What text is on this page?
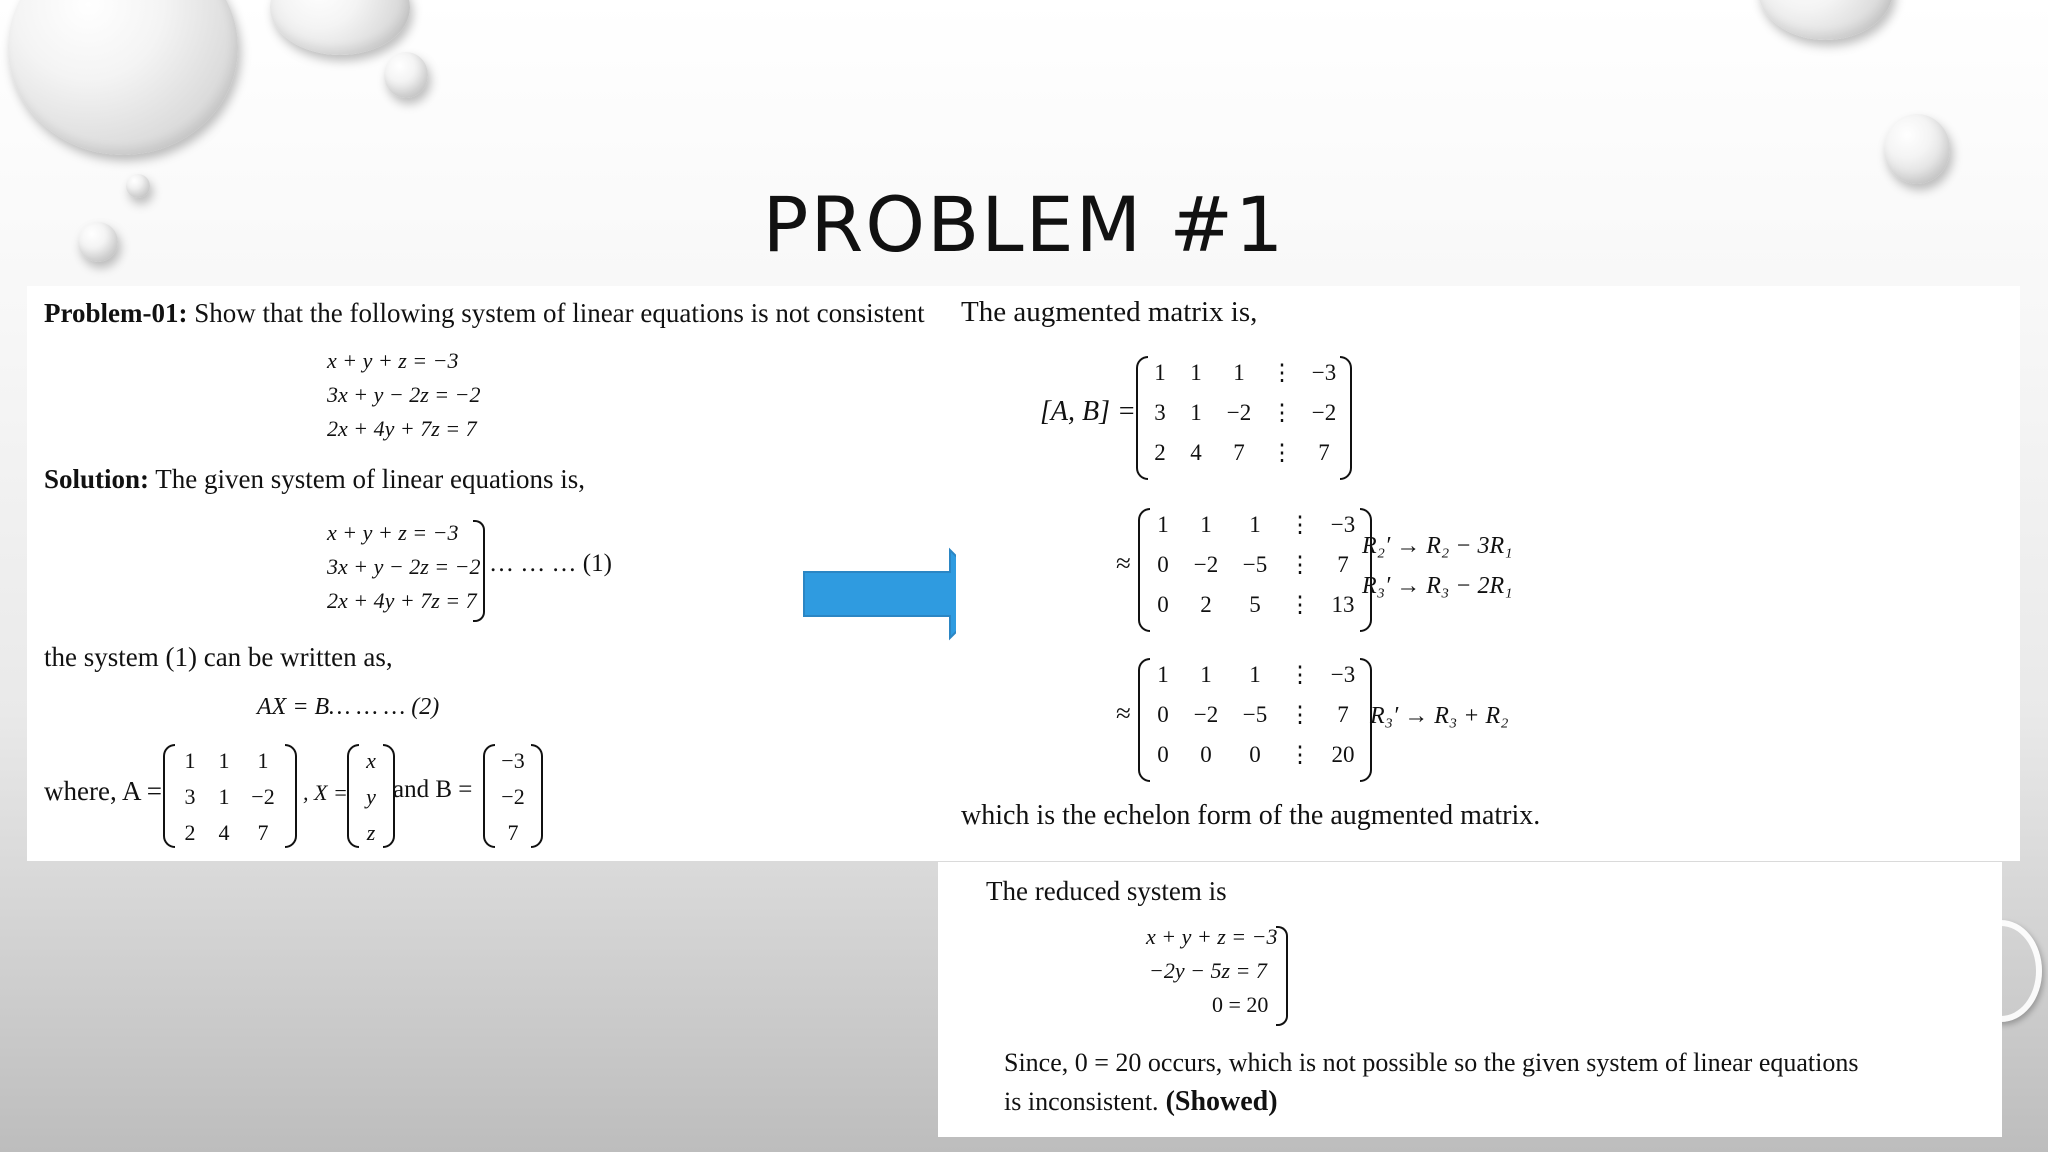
PROBLEM #1
Problem-01: Show that the following system of linear equations is not consistent
x + y + z = −3
3x + y − 2z = −2
2x + 4y + 7z = 7
Solution: The given system of linear equations is,
x + y + z = −3
3x + y − 2z = −2
2x + 4y + 7z = 7
… … … (1)
the system (1) can be written as,
AX = B… … … (2)
where, A =
1	1	1
3	1 −2
2	4	7
, X =
x
y
z
and B =
−3
−2
7
The augmented matrix is,
[A, B] =
1	1	1	⋮ −3
3	1	−2 ⋮ −2
2	4	7	⋮	7
≈
1	1	1	⋮ −3
0	−2	−5 ⋮	7
0	2	5	⋮ 13
R₂′ → R₂ − 3R₁
R₃′ → R₃ − 2R₁
≈
1	1	1	⋮ −3
0	−2	−5 ⋮	7
0	0	0	⋮ 20
R₃′ → R₃ + R₂
which is the echelon form of the augmented matrix.
The reduced system is
x + y + z = −3
−2y − 5z = 7
0 = 20
Since, 0 = 20 occurs, which is not possible so the given system of linear equations
is inconsistent. (Showed)
